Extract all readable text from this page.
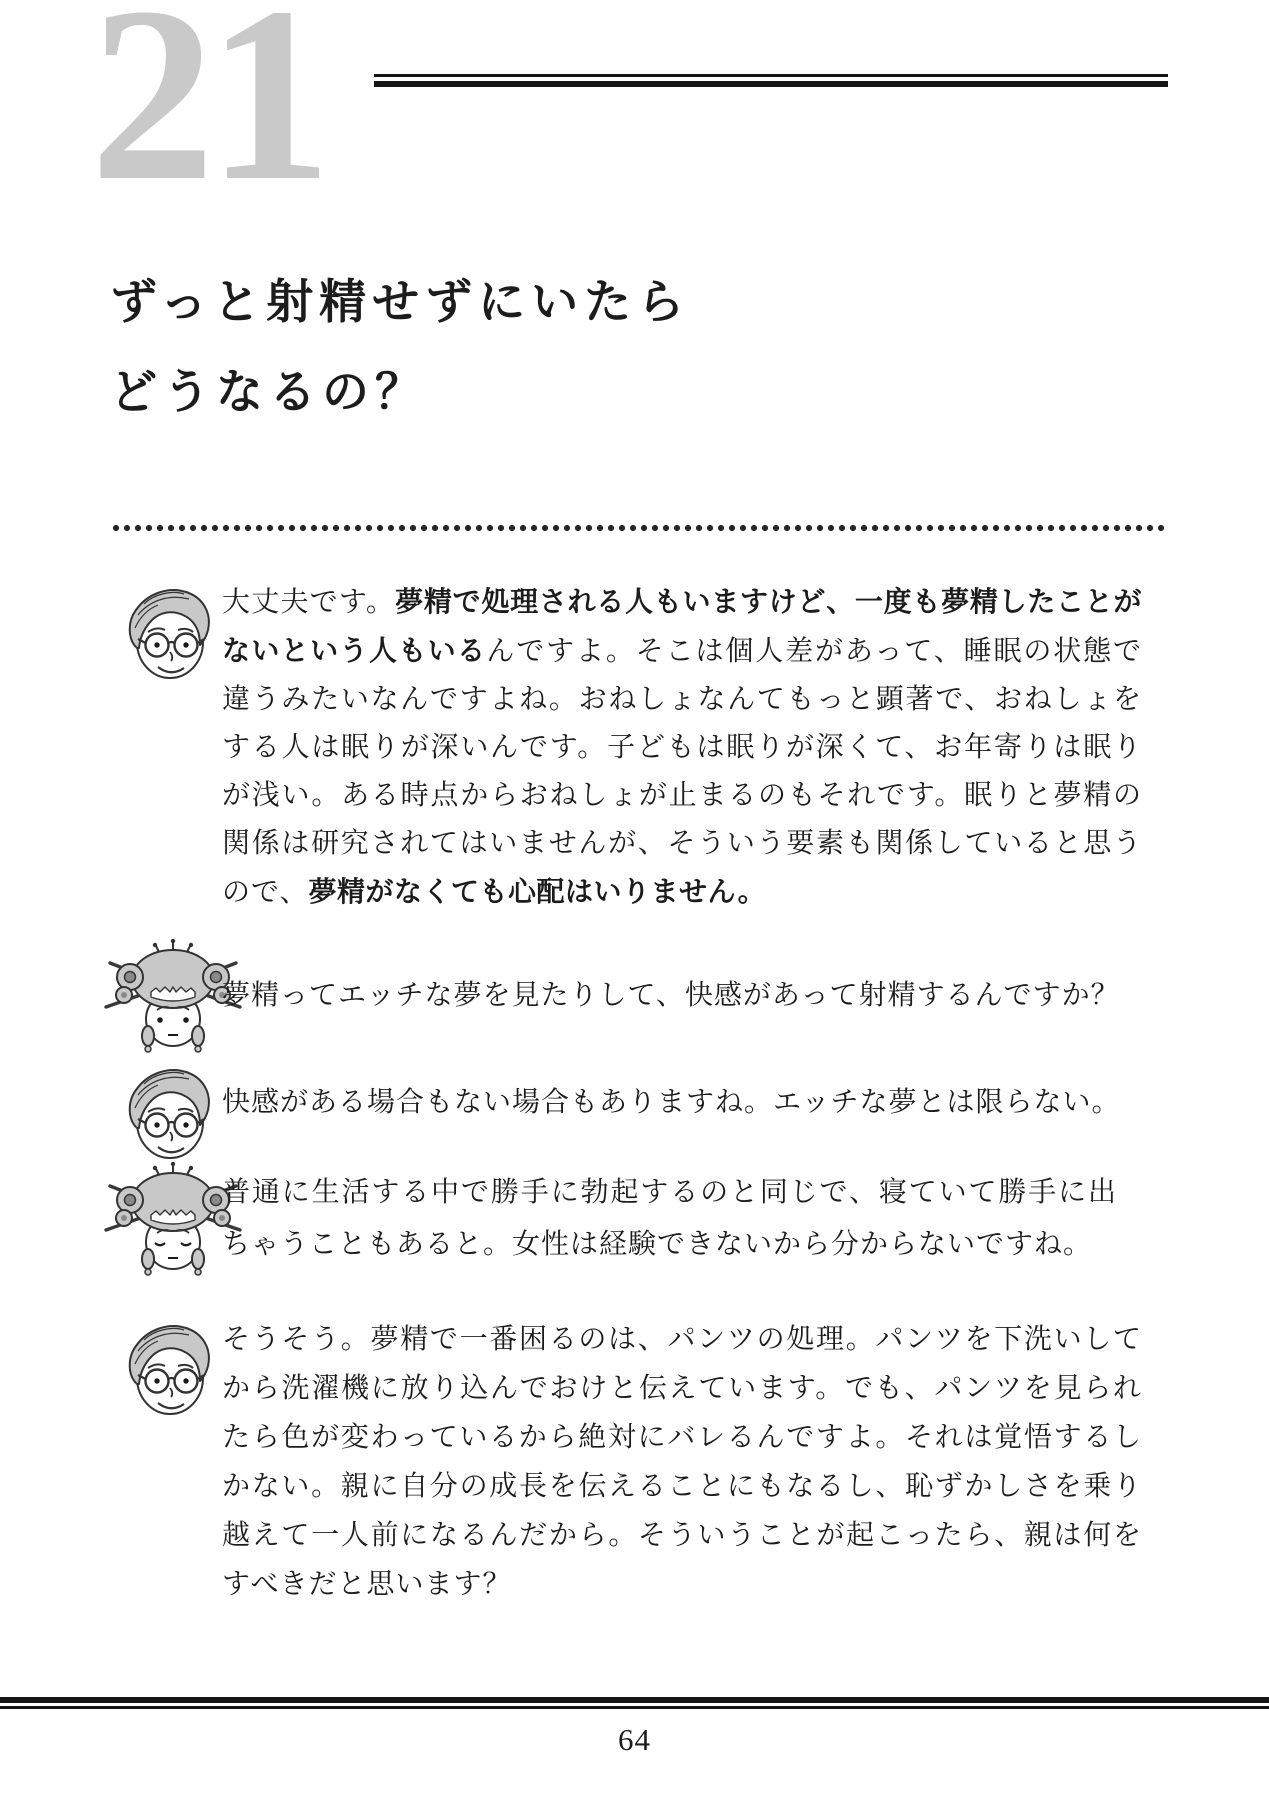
21
ずっと射精せずにいたら
どうなるの？

大丈夫です。夢精で処理される人もいますけど、一度も夢精したことがないという人もいるんですよ。そこは個人差があって、睡眠の状態で違うみたいなんですよね。おねしょなんてもっと顕著で、おねしょをする人は眠りが深いんです。子どもは眠りが深くて、お年寄りは眠りが浅い。ある時点からおねしょが止まるのもそれです。眠りと夢精の関係は研究されてはいませんが、そういう要素も関係していると思うので、夢精がなくても心配はいりません。

夢精ってエッチな夢を見たりして、快感があって射精するんですか？

快感がある場合もない場合もありますね。エッチな夢とは限らない。

普通に生活する中で勝手に勃起するのと同じで、寝ていて勝手に出ちゃうこともあると。女性は経験できないから分からないですね。

そうそう。夢精で一番困るのは、パンツの処理。パンツを下洗いしてから洗濯機に放り込んでおけと伝えています。でも、パンツを見られたら色が変わっているから絶対にバレるんですよ。それは覚悟するしかない。親に自分の成長を伝えることにもなるし、恥ずかしさを乗り越えて一人前になるんだから。そういうことが起こったら、親は何をすべきだと思います？

64
